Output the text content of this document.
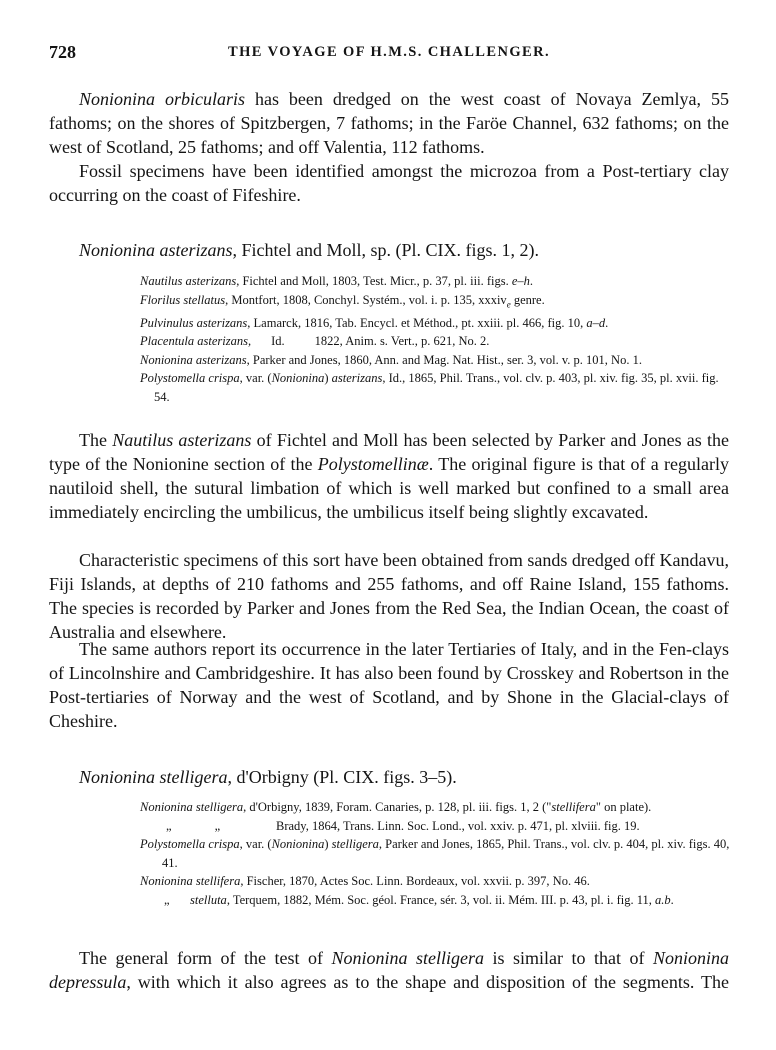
728	THE VOYAGE OF H.M.S. CHALLENGER.

Nonionina orbicularis has been dredged on the west coast of Novaya Zemlya, 55 fathoms; on the shores of Spitzbergen, 7 fathoms; in the Faröe Channel, 632 fathoms; on the west of Scotland, 25 fathoms; and off Valentia, 112 fathoms.

Fossil specimens have been identified amongst the microzoa from a Post-tertiary clay occurring on the coast of Fifeshire.

Nonionina asterizans, Fichtel and Moll, sp. (Pl. CIX. figs. 1, 2).

Nautilus asterizans, Fichtel and Moll, 1803, Test. Micr., p. 37, pl. iii. figs. e–h.
Florilus stellatus, Montfort, 1808, Conchyl. Systém., vol. i. p. 135, xxxiv$_e$ genre.
Pulvinulus asterizans, Lamarck, 1816, Tab. Encycl. et Méthod., pt. xxiii. pl. 466, fig. 10, a–d.
Placentula asterizans, Id. 1822, Anim. s. Vert., p. 621, No. 2.
Nonionina asterizans, Parker and Jones, 1860, Ann. and Mag. Nat. Hist., ser. 3, vol. v. p. 101, No. 1.
Polystomella crispa, var. (Nonionina) asterizans, Id., 1865, Phil. Trans., vol. clv. p. 403, pl. xiv. fig. 35, pl. xvii. fig. 54.

The Nautilus asterizans of Fichtel and Moll has been selected by Parker and Jones as the type of the Nonionine section of the Polystomellinæ. The original figure is that of a regularly nautiloid shell, the sutural limbation of which is well marked but confined to a small area immediately encircling the umbilicus, the umbilicus itself being slightly excavated.

Characteristic specimens of this sort have been obtained from sands dredged off Kandavu, Fiji Islands, at depths of 210 fathoms and 255 fathoms, and off Raine Island, 155 fathoms. The species is recorded by Parker and Jones from the Red Sea, the Indian Ocean, the coast of Australia and elsewhere.

The same authors report its occurrence in the later Tertiaries of Italy, and in the Fen-clays of Lincolnshire and Cambridgeshire. It has also been found by Crosskey and Robertson in the Post-tertiaries of Norway and the west of Scotland, and by Shone in the Glacial-clays of Cheshire.

Nonionina stelligera, d'Orbigny (Pl. CIX. figs. 3–5).

Nonionina stelligera, d'Orbigny, 1839, Foram. Canaries, p. 128, pl. iii. figs. 1, 2 ("stellifera" on plate).
„ „	Brady, 1864, Trans. Linn. Soc. Lond., vol. xxiv. p. 471, pl. xlviii. fig. 19.
Polystomella crispa, var. (Nonionina) stelligera, Parker and Jones, 1865, Phil. Trans., vol. clv. p. 404, pl. xiv. figs. 40, 41.
Nonionina stellifera, Fischer, 1870, Actes Soc. Linn. Bordeaux, vol. xxvii. p. 397, No. 46.
„ stelluta, Terquem, 1882, Mém. Soc. géol. France, sér. 3, vol. ii. Mém. III. p. 43, pl. i. fig. 11, a.b.

The general form of the test of Nonionina stelligera is similar to that of Nonionina depressula, with which it also agrees as to the shape and disposition of the segments. The
